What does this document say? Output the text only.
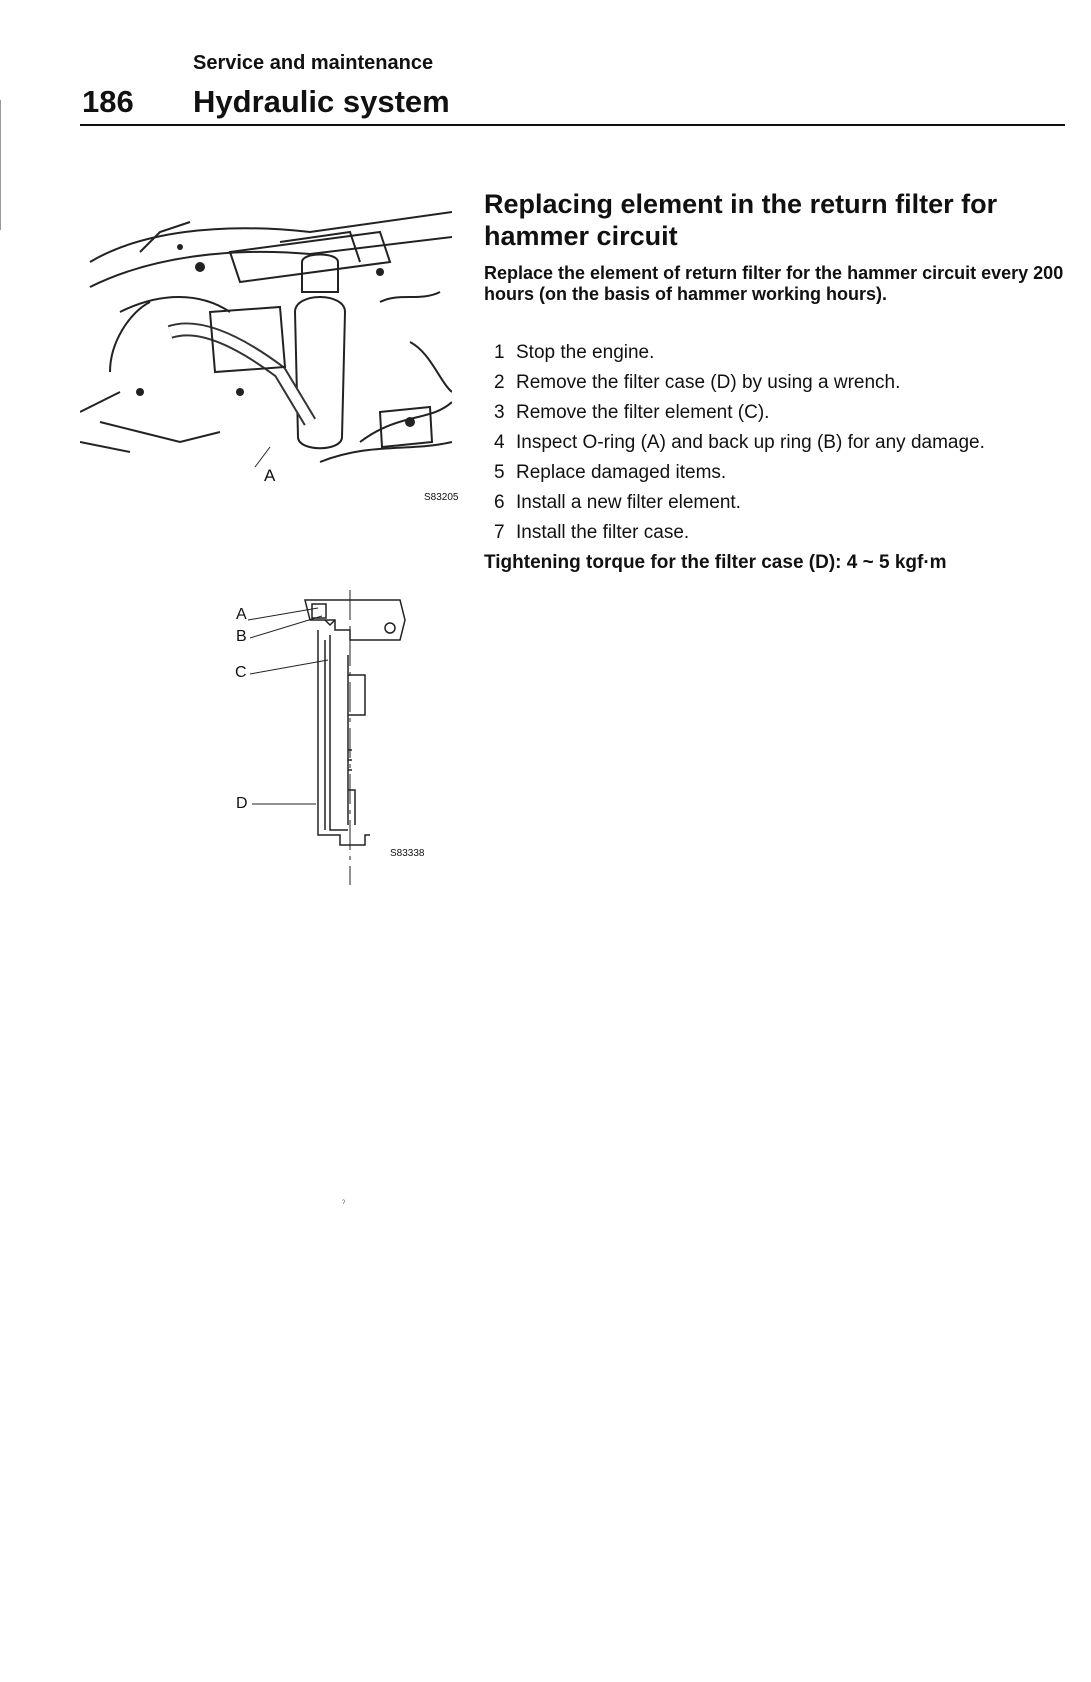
Service and maintenance
186 Hydraulic system
A
S83205
Replacing element in the return filter for hammer circuit
Replace the element of return filter for the hammer circuit every 200 hours (on the basis of hammer working hours).
1 Stop the engine.
2 Remove the filter case (D) by using a wrench.
3 Remove the filter element (C).
4 Inspect O-ring (A) and back up ring (B) for any damage.
5 Replace damaged items.
6 Install a new filter element.
7 Install the filter case.
Tightening torque for the filter case (D): 4 ~ 5 kgf·m
A
B
C
D
S83338
ˀ
